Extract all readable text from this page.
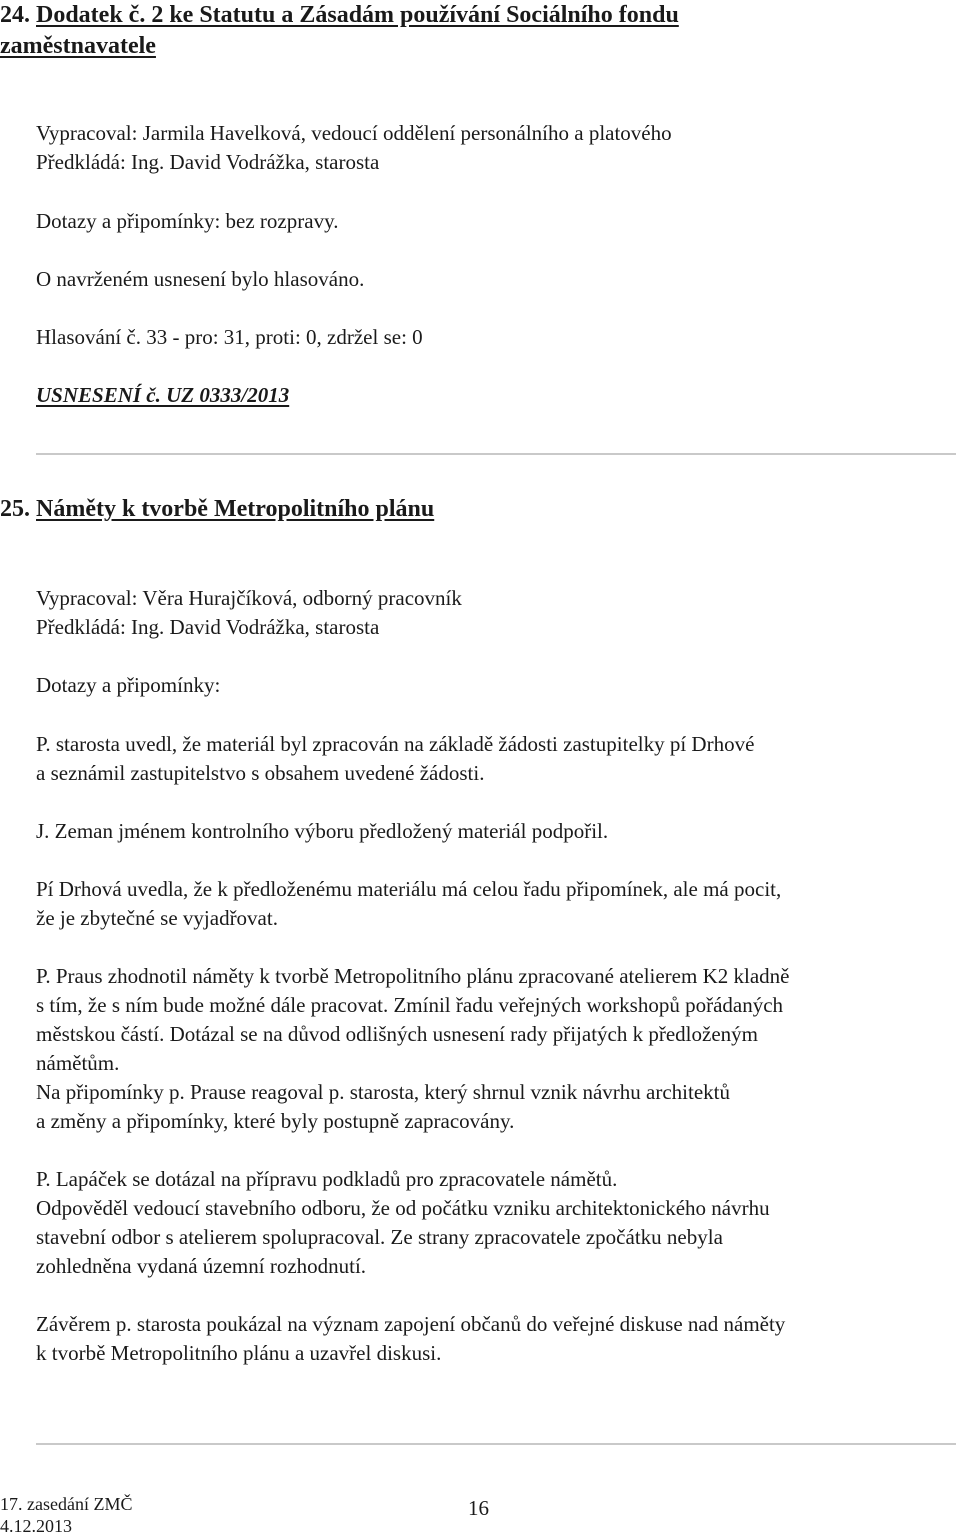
24. Dodatek č. 2 ke Statutu a Zásadám používání Sociálního fondu
zaměstnavatele
Vypracoval: Jarmila Havelková, vedoucí oddělení personálního a platového
Předkládá: Ing. David Vodrážka, starosta
Dotazy a připomínky: bez rozpravy.
O navrženém usnesení bylo hlasováno.
Hlasování č. 33 - pro: 31, proti: 0, zdržel se: 0
USNESENÍ č. UZ 0333/2013
25. Náměty k tvorbě Metropolitního plánu
Vypracoval: Věra Hurajčíková, odborný pracovník
Předkládá: Ing. David Vodrážka, starosta
Dotazy a připomínky:
P. starosta uvedl, že materiál byl zpracován na základě žádosti zastupitelky pí Drhové
a seznámil zastupitelstvo s obsahem uvedené žádosti.
J. Zeman jménem kontrolního výboru předložený materiál podpořil.
Pí Drhová uvedla, že k předloženému materiálu má celou řadu připomínek, ale má pocit,
že je zbytečné se vyjadřovat.
P. Praus zhodnotil náměty k tvorbě Metropolitního plánu zpracované atelierem K2 kladně
s tím, že s ním bude možné dále pracovat. Zmínil řadu veřejných workshopů pořádaných
městskou částí. Dotázal se na důvod odlišných usnesení rady přijatých k předloženým
námětům.
Na připomínky p. Prause reagoval p. starosta, který shrnul vznik návrhu architektů
a změny a připomínky, které byly postupně zapracovány.
P. Lapáček se dotázal na přípravu podkladů pro zpracovatele námětů.
Odpověděl vedoucí stavebního odboru, že od počátku vzniku architektonického návrhu
stavební odbor s atelierem spolupracoval. Ze strany zpracovatele zpočátku nebyla
zohledněna vydaná územní rozhodnutí.
Závěrem p. starosta poukázal na význam zapojení občanů do veřejné diskuse nad náměty
k tvorbě Metropolitního plánu a uzavřel diskusi.
17. zasedání ZMČ
4.12.2013
16
